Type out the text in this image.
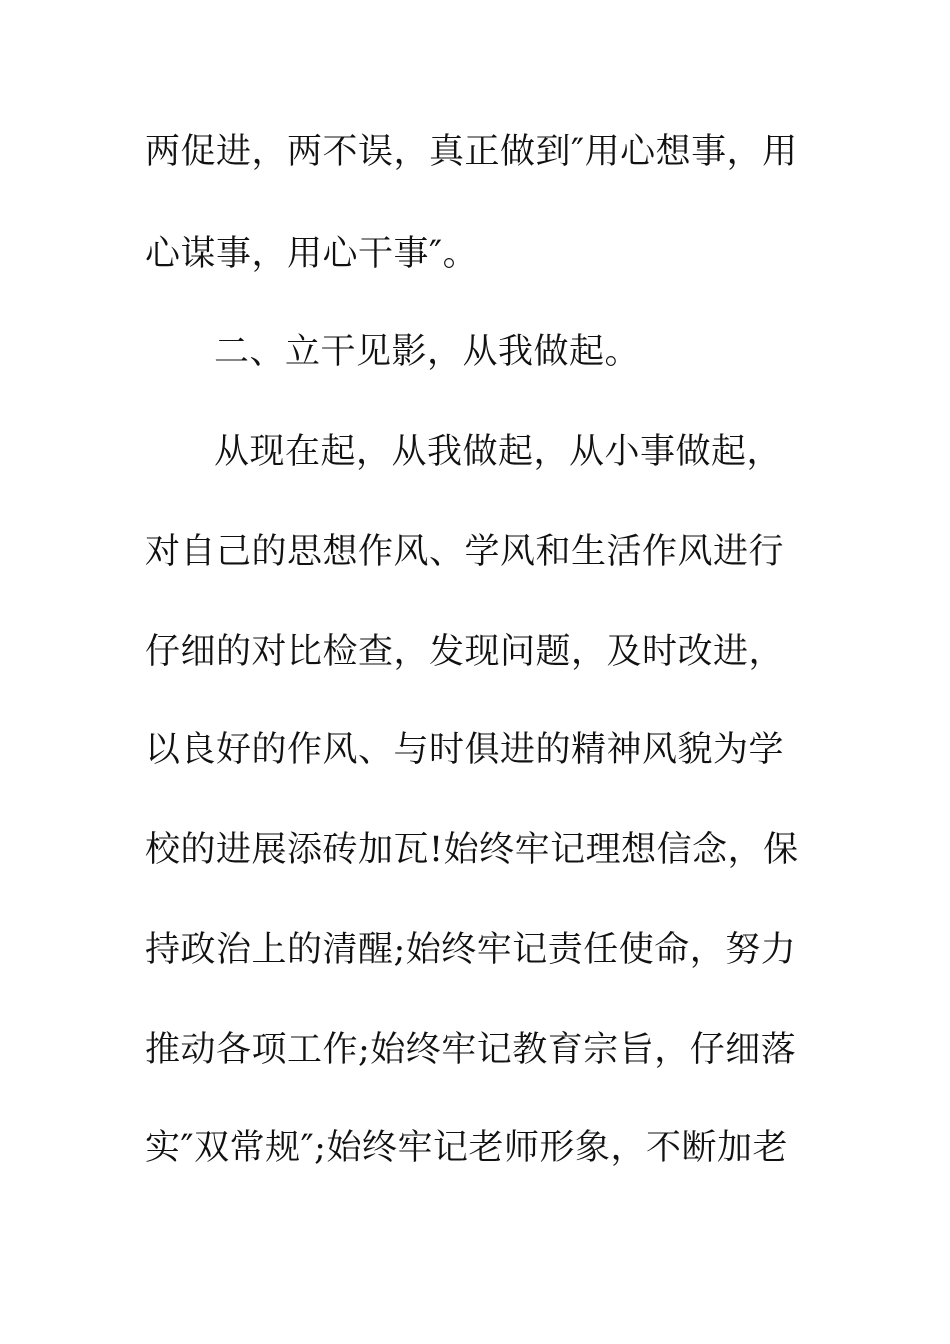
两促进，两不误，真正做到″用心想事，用
心谋事，用心干事″。
二、立干见影，从我做起。
从现在起，从我做起，从小事做起，
对自己的思想作风、学风和生活作风进行
仔细的对比检查，发现问题，及时改进，
以良好的作风、与时俱进的精神风貌为学
校的进展添砖加瓦!始终牢记理想信念，保
持政治上的清醒;始终牢记责任使命，努力
推动各项工作;始终牢记教育宗旨，仔细落
实″双常规″;始终牢记老师形象，不断加老
